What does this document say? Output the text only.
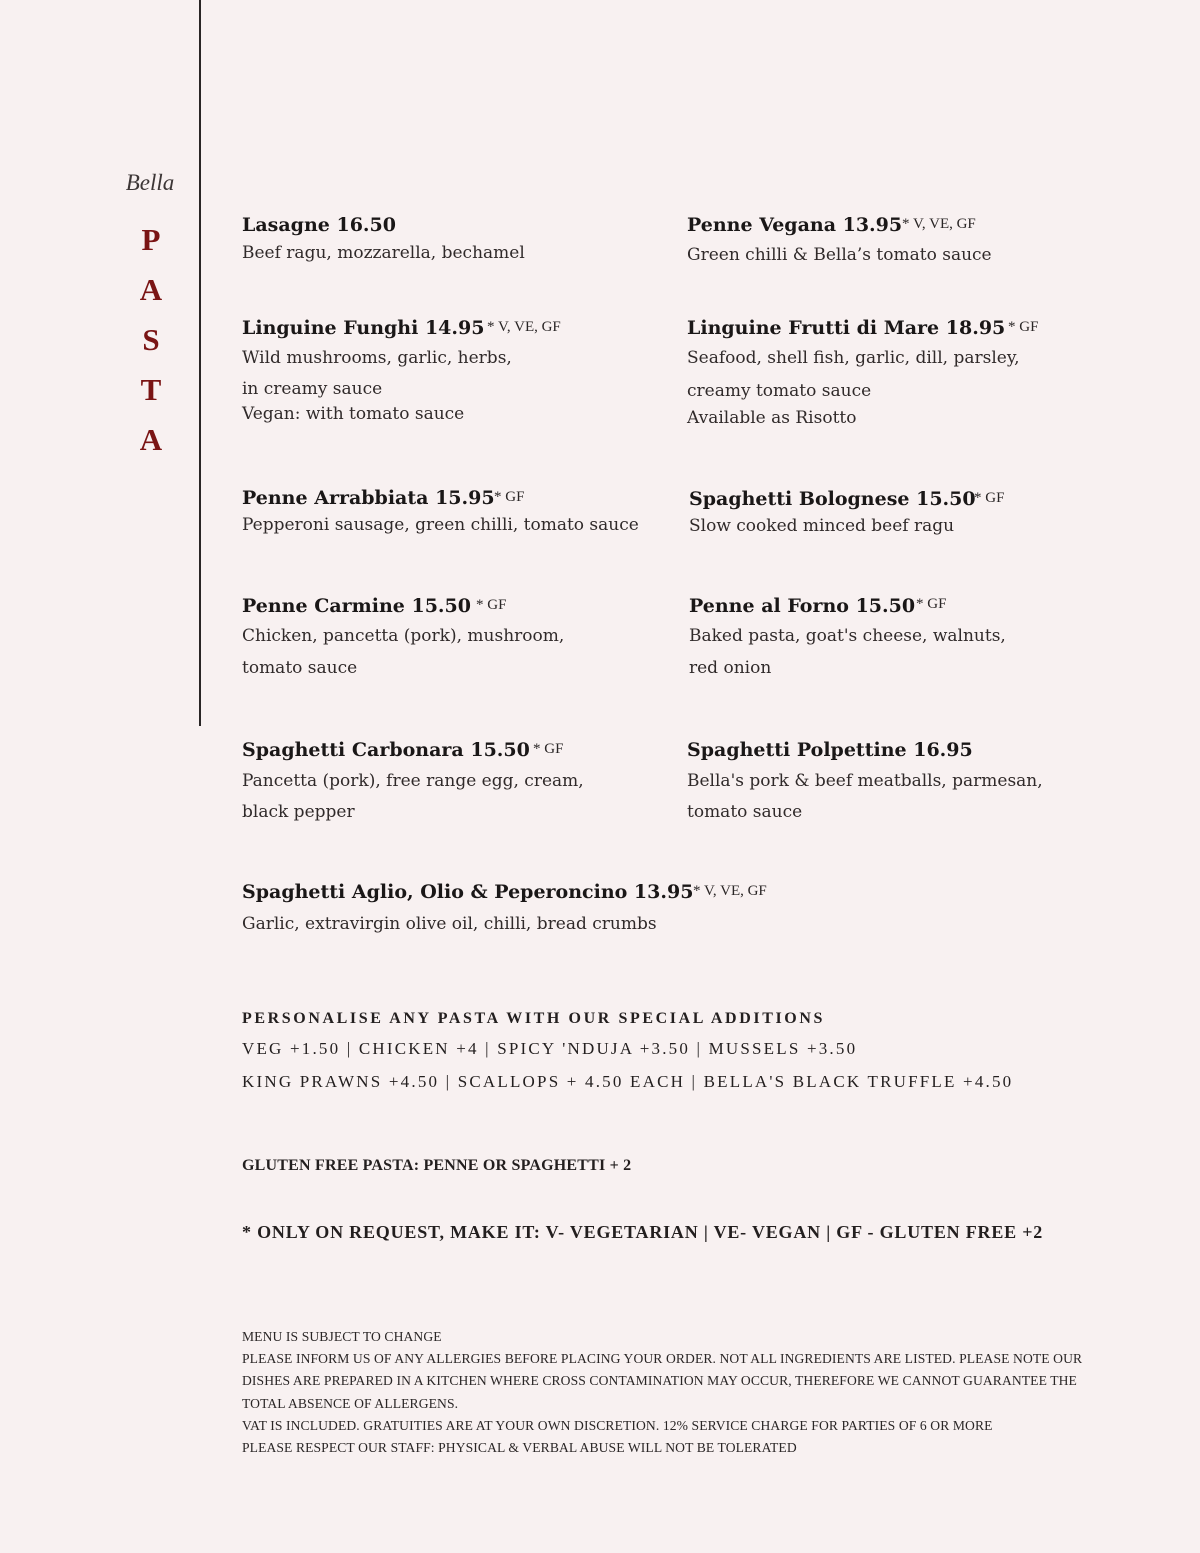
Bella
P
A
S
T
A
Lasagne 16.50
Beef ragu, mozzarella, bechamel
Penne Vegana 13.95
Green chilli & Bella’s tomato sauce
* V, VE, GF
Linguine Funghi 14.95
Wild mushrooms, garlic, herbs,
in creamy sauce
Vegan: with tomato sauce
* V, VE, GF	Linguine Frutti di Mare 18.95
Seafood, shell fish, garlic, dill, parsley,
creamy tomato sauce
Available as Risotto
* GF
Penne Arrabbiata 15.95
Pepperoni sausage, green chilli, tomato sauce
* GF	Spaghetti Bolognese 15.50
Slow cooked minced beef ragu
* GF
Penne Carmine 15.50
Chicken, pancetta (pork), mushroom,
tomato sauce
* GF	Penne al Forno 15.50
Baked pasta, goat's cheese, walnuts,
red onion
* GF
Spaghetti Carbonara 15.50
Pancetta (pork), free range egg, cream,
black pepper
* GF	Spaghetti Polpettine 16.95
Bella's pork & beef meatballs, parmesan,
tomato sauce
Spaghetti Aglio, Olio & Peperoncino 13.95
Garlic, extravirgin olive oil, chilli, bread crumbs
* V, VE, GF
PERSONALISE ANY PASTA WITH OUR SPECIAL ADDITIONS
VEG +1.50 | CHICKEN +4 | SPICY 'NDUJA +3.50 | MUSSELS +3.50
KING PRAWNS +4.50 | SCALLOPS + 4.50 EACH | BELLA'S BLACK TRUFFLE +4.50
GLUTEN FREE PASTA: PENNE OR SPAGHETTI + 2
* ONLY ON REQUEST, MAKE IT: V- VEGETARIAN | VE- VEGAN | GF - GLUTEN FREE +2
MENU IS SUBJECT TO CHANGE
PLEASE INFORM US OF ANY ALLERGIES BEFORE PLACING YOUR ORDER. NOT ALL INGREDIENTS ARE LISTED. PLEASE NOTE OUR
DISHES ARE PREPARED IN A KITCHEN WHERE CROSS CONTAMINATION MAY OCCUR, THEREFORE WE CANNOT GUARANTEE THE
TOTAL ABSENCE OF ALLERGENS.
VAT IS INCLUDED. GRATUITIES ARE AT YOUR OWN DISCRETION. 12% SERVICE CHARGE FOR PARTIES OF 6 OR MORE
PLEASE RESPECT OUR STAFF: PHYSICAL & VERBAL ABUSE WILL NOT BE TOLERATED
